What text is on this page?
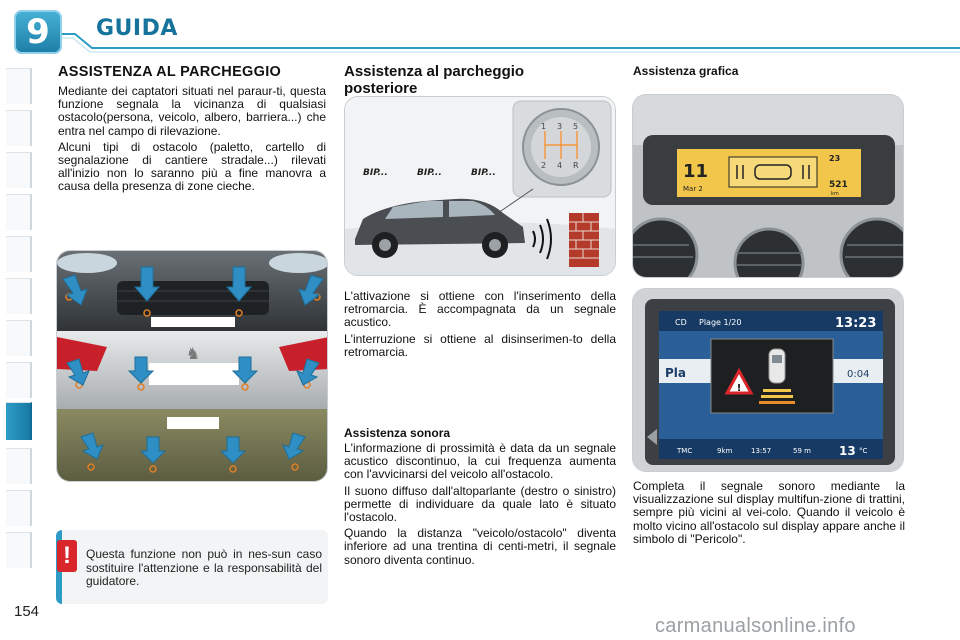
9	GUIDA
ASSISTENZA AL PARCHEGGIO

Mediante dei captatori situati nel paraur-ti, questa funzione segnala la vicinanza di qualsiasi ostacolo(persona, veicolo, albero, barriera...) che entra nel campo di rilevazione.

Alcuni tipi di ostacolo (paletto, cartello di segnalazione di cantiere stradale...) rilevati all'inizio non lo saranno più a fine manovra a causa della presenza di zone cieche.

♞
!	Questa funzione non può in nes-sun caso sostituire l'attenzione e la responsabilità del guidatore.
Assistenza al parcheggio posteriore
1 3 5
2 4 R
BIP...	BIP...	BIP...

L'attivazione si ottiene con l'inserimento della retromarcia. È accompagnata da un segnale acustico.

L'interruzione si ottiene al disinserimen-to della retromarcia.

Assistenza sonora

L'informazione di prossimità è data da un segnale acustico discontinuo, la cui frequenza aumenta con l'avvicinarsi del veicolo all'ostacolo.

Il suono diffuso dall'altoparlante (destro o sinistro) permette di individuare da quale lato è situato l'ostacolo.

Quando la distanza "veicolo/ostacolo" diventa inferiore ad una trentina di centi-metri, il segnale sonoro diventa continuo.

Assistenza grafica
11
Mar 2
23
521
km
CD Plage 1/20	13:23
Pla	0:04
!
TMC	9km	13:57	59 m 13 °C

Completa il segnale sonoro mediante la visualizzazione sul display multifun-zione di trattini, sempre più vicini al vei-colo. Quando il veicolo è molto vicino all'ostacolo sul display appare anche il simbolo di "Pericolo".

154
carmanualsonline.info
